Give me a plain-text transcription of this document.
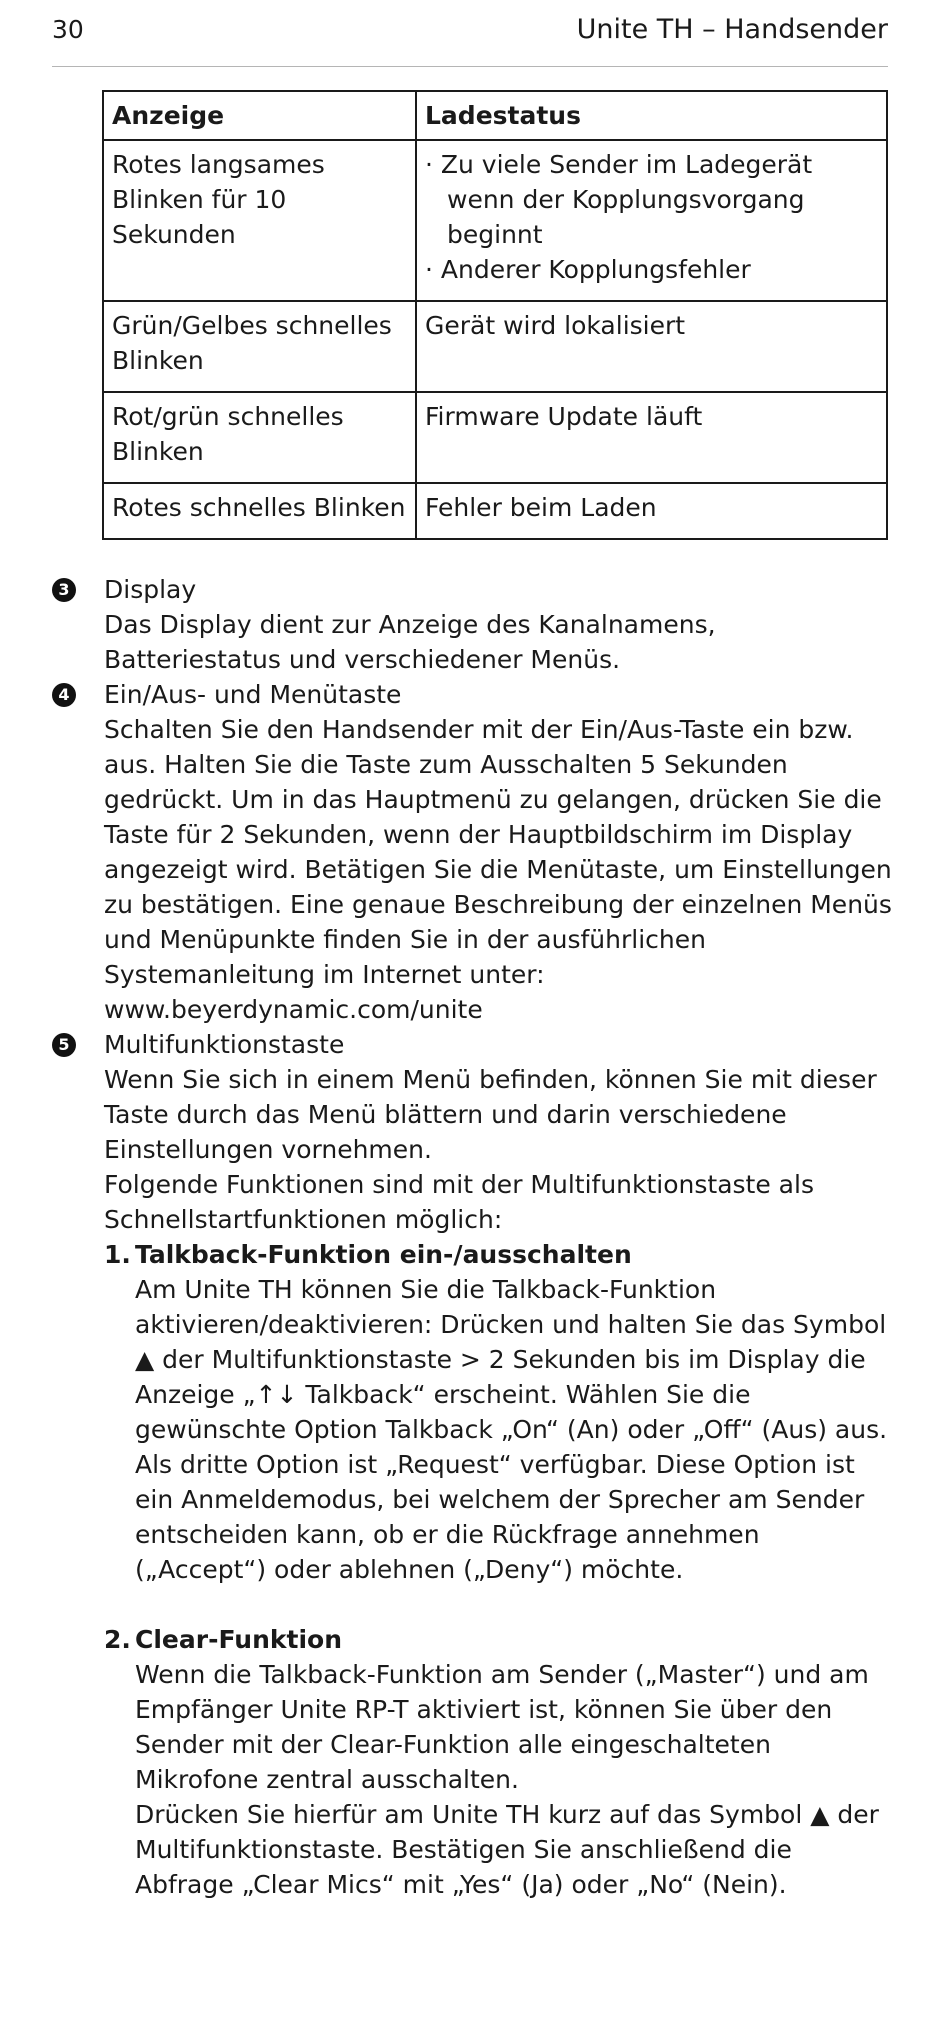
30	Unite TH – Handsender
Anzeige	Ladestatus
Rotes langsames Blinken für 10 Sekunden	· Zu viele Sender im Ladegerät wenn der Kopplungsvorgang beginnt
· Anderer Kopplungsfehler

Grün/Gelbes schnelles Blinken	Gerät wird lokalisiert
Rot/grün schnelles Blinken	Firmware Update läuft
Rotes schnelles Blinken	Fehler beim Laden
3 Display
Das Display dient zur Anzeige des Kanalnamens, Batteriestatus und verschiedener Menüs.
4 Ein/Aus- und Menütaste
Schalten Sie den Handsender mit der Ein/Aus-Taste ein bzw. aus. Halten Sie die Taste zum Ausschalten 5 Sekunden gedrückt. Um in das Hauptmenü zu gelangen, drücken Sie die Taste für 2 Sekunden, wenn der Hauptbildschirm im Display angezeigt wird. Betätigen Sie die Menütaste, um Einstellungen zu bestätigen. Eine genaue Beschreibung der einzelnen Menüs und Menüpunkte finden Sie in der ausführlichen Systemanleitung im Internet unter:
www.beyerdynamic.com/unite
5 Multifunktionstaste
Wenn Sie sich in einem Menü befinden, können Sie mit dieser Taste durch das Menü blättern und darin verschiedene Einstellungen vornehmen.
Folgende Funktionen sind mit der Multifunktionstaste als Schnellstartfunktionen möglich:
1. Talkback-Funktion ein-/ausschalten
Am Unite TH können Sie die Talkback-Funktion aktivieren/deaktivieren: Drücken und halten Sie das Symbol ▲ der Multifunktionstaste > 2 Sekunden bis im Display die Anzeige „↑↓ Talkback“ erscheint. Wählen Sie die gewünschte Option Talkback „On“ (An) oder „Off“ (Aus) aus.
Als dritte Option ist „Request“ verfügbar. Diese Option ist ein Anmeldemodus, bei welchem der Sprecher am Sender entscheiden kann, ob er die Rückfrage annehmen („Accept“) oder ablehnen („Deny“) möchte.
2. Clear-Funktion
Wenn die Talkback-Funktion am Sender („Master“) und am Empfänger Unite RP-T aktiviert ist, können Sie über den Sender mit der Clear-Funktion alle eingeschalteten Mikrofone zentral ausschalten.
Drücken Sie hierfür am Unite TH kurz auf das Symbol ▲ der Multifunktionstaste. Bestätigen Sie anschließend die Abfrage „Clear Mics“ mit „Yes“ (Ja) oder „No“ (Nein).
